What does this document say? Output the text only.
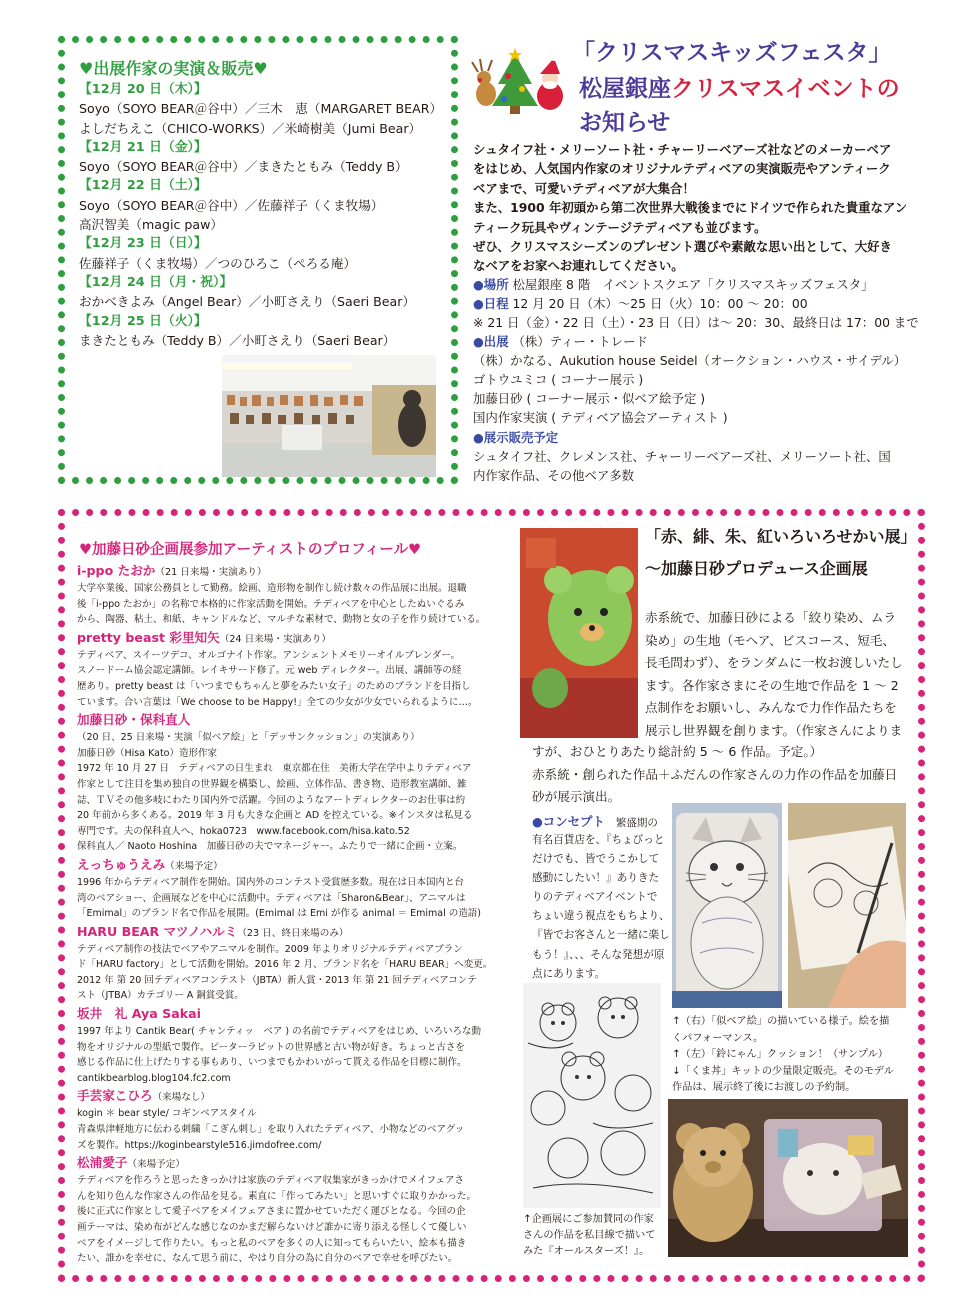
♥出展作家の実演＆販売♥
【12月 20 日（木）】
Soyo（SOYO BEAR＠谷中）／三木　恵（MARGARET BEAR）
よしだちえこ（CHICO-WORKS）／米崎樹美（Jumi Bear）
【12月 21 日（金）】
Soyo（SOYO BEAR＠谷中）／まきたともみ（Teddy B）
【12月 22 日（土）】
Soyo（SOYO BEAR＠谷中）／佐藤祥子（くま牧場）
高沢智美（magic paw）
【12月 23 日（日）】
佐藤祥子（くま牧場）／つのひろこ（ぺろる庵）
【12月 24 日（月・祝）】
おかべきよみ（Angel Bear）／小町さえり（Saeri Bear）
【12月 25 日（火）】
まきたともみ（Teddy B）／小町さえり（Saeri Bear）
「クリスマスキッズフェスタ」
松屋銀座クリスマスイベントの
お知らせ
シュタイフ社・メリーソート社・チャーリーベアーズ社などのメーカーベア
をはじめ、人気国内作家のオリジナルテディベアの実演販売やアンティーク
ベアまで、可愛いテディベアが大集合！
また、1900 年初頭から第二次世界大戦後までにドイツで作られた貴重なアン
ティーク玩具やヴィンテージテディベアも並びます。
ぜひ、クリスマスシーズンのプレゼント選びや素敵な思い出として、大好き
なベアをお家へお連れしてください。
●場所 松屋銀座 8 階　イベントスクエア「クリスマスキッズフェスタ」
●日程 12 月 20 日（木）～25 日（火）10：00 ～ 20：00
※ 21 日（金）・22 日（土）・23 日（日）は～ 20：30、最終日は 17：00 まで
●出展 （株）ティー・トレード
（株）かなる、Aukution house Seidel（オークション・ハウス・サイデル）
ゴトウユミコ ( コーナー展示 )
加藤日砂 ( コーナー展示・似ベア絵予定 )
国内作家実演 ( テディベア協会アーティスト )
●展示販売予定
シュタイフ社、クレメンス社、チャーリーベアーズ社、メリーソート社、国
内作家作品、その他ベア多数
♥加藤日砂企画展参加アーティストのプロフィール♥
i-ppo たおか（21 日来場・実演あり）
大学卒業後、国家公務員として勤務。絵画、造形物を制作し続け数々の作品展に出展。退職
後「i-ppo たおか」の名称で本格的に作家活動を開始。テディベアを中心としたぬいぐるみ
から、陶器、粘土、和紙、キャンドルなど、マルチな素材で、動物と女の子を作り続けている。
pretty beast 彩里知矢（24 日来場・実演あり）
テディベア、スイーツデコ、オルゴナイト作家。アンシェントメモリーオイルブレンダー。
スノードーム協会認定講師。レイキサード修了。元 web ディレクター。出展、講師等の経
歴あり。pretty beast は「いつまでもちゃんと夢をみたい女子」のためのブランドを目指し
ています。合い言葉は「We choose to be Happy!」全ての少女が少女でいられるように…。
加藤日砂・保科直人
（20 日、25 日来場・実演「似ベア絵」と「デッサンクッション」の実演あり）
加藤日砂（Hisa Kato）造形作家
1972 年 10 月 27 日　テディベアの日生まれ　東京都在住　美術大学在学中よりテディベア
作家として注目を集め独自の世界観を構築し、絵画、立体作品、書き物、造形教室講師、雑
誌、ＴＶその他多岐にわたり国内外で活躍。今回のようなアートディレクターのお仕事は約
20 年前から多くある。2019 年 3 月も大きな企画と AD を控えている。※インスタは私見る
専門です。夫の保科直人へ、hoka0723　www.facebook.com/hisa.kato.52
保科直人／ Naoto Hoshina　加藤日砂の夫でマネージャー。ふたりで一緒に企画・立案。
えっちゅうえみ（来場予定）
1996 年からテディベア制作を開始。国内外のコンテスト受賞歴多数。現在は日本国内と台
湾のベアショー、企画展などを中心に活動中。テディベアは「Sharon&Bear」、アニマルは
「Emimal」のブランド名で作品を展開。(Emimal は Emi が作る animal ＝ Emimal の造語)
HARU BEAR マツノハルミ（23 日、終日来場のみ）
テディベア制作の技法でベアやアニマルを制作。2009 年よりオリジナルテディベアブラン
ド「HARU factory」として活動を開始。2016 年 2 月、ブランド名を「HARU BEAR」へ変更。
2012 年 第 20 回テディベアコンテスト（JBTA）新人賞・2013 年 第 21 回テディベアコンテ
スト（JTBA）カテゴリー A 銅賞受賞。
坂井　礼 Aya Sakai
1997 年より Cantik Bear( チャンティッ　ベア ) の名前でテディベアをはじめ、いろいろな動
物をオリジナルの型紙で製作。ピーターラビットの世界感と古い物が好き。ちょっと古さを
感じる作品に仕上げたりする事もあり、いつまでもかわいがって貰える作品を目標に制作。
cantikbearblog.blog104.fc2.com
手芸家こひろ（来場なし）
kogin ＊ bear style/ コギンベアスタイル
青森県津軽地方に伝わる刺繍「こぎん刺し」を取り入れたテディベア、小物などのベアグッ
ズを製作。https://koginbearstyle516.jimdofree.com/
松浦愛子（来場予定）
テディベアを作ろうと思ったきっかけは家族のテディベア収集家がきっかけでメイフェアさ
んを知り色んな作家さんの作品を見る。素直に「作ってみたい」と思いすぐに取りかかった。
後に正式に作家として愛子ベアをメイフェアさまに置かせていただく運びとなる。今回の企
画テーマは、染め布がどんな感じなのかまだ解らないけど誰かに寄り添える怪しくて優しい
ベアをイメージして作りたい。もっと私のベアを多くの人に知ってもらいたい、絵本も描き
たい、誰かを幸せに、なんて思う前に、やはり自分の為に自分のベアで幸せを呼びたい。
「赤、緋、朱、紅いろいろせかい展」
～加藤日砂プロデュース企画展
赤系統で、加藤日砂による「絞り染め、ムラ
染め」の生地（モヘア、ビスコース、短毛、
長毛問わず）、をランダムに一枚お渡しいたし
ます。各作家さまにその生地で作品を 1 ～ 2
点制作をお願いし、みんなで力作作品たちを
展示し世界観を創ります。（作家さんによりま
すが、おひとりあたり総計約 5 ～ 6 作品。予定。）
赤系統・創られた作品＋ふだんの作家さんの力作の作品を加藤日
砂が展示演出。
●コンセプト 繁盛期の
有名百貨店を、『ちょびっと
だけでも、皆でうこかして
感動にしたい！』ありきた
りのテディベアイベントで
ちょい違う視点をもちより、
『皆でお客さんと一緒に楽し
もう！』、、、そんな発想が原
点にあります。
↑（右）「似ベア絵」の描いている様子。絵を描
くパフォーマンス。
↑（左）「鈴にゃん」クッション！（サンプル）
↓「くま丼」キットの少量限定販売。そのモデル
作品は、展示終了後にお渡しの予約制。
↑企画展にご参加賛同の作家
さんの作品を私目線で描いて
みた『オールスターズ！』。
